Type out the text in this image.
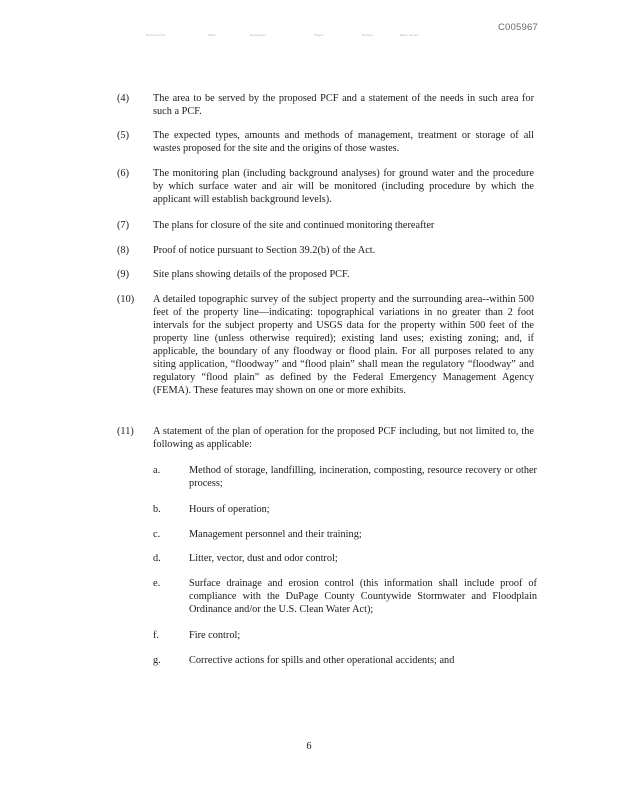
Document title	Office	Department	Project	Revision	Date / Version
C005967
(4) The area to be served by the proposed PCF and a statement of the needs in such area for such a PCF.
(5) The expected types, amounts and methods of management, treatment or storage of all wastes proposed for the site and the origins of those wastes.
(6) The monitoring plan (including background analyses) for ground water and the procedure by which surface water and air will be monitored (including procedure by which the applicant will establish background levels).
(7) The plans for closure of the site and continued monitoring thereafter
(8) Proof of notice pursuant to Section 39.2(b) of the Act.
(9) Site plans showing details of the proposed PCF.
(10) A detailed topographic survey of the subject property and the surrounding area--within 500 feet of the property line—indicating: topographical variations in no greater than 2 foot intervals for the subject property and USGS data for the property within 500 feet of the property line (unless otherwise required); existing land uses; existing zoning; and, if applicable, the boundary of any floodway or flood plain. For all purposes related to any siting application, “floodway” and “flood plain” shall mean the regulatory “floodway” and regulatory “flood plain” as defined by the Federal Emergency Management Agency (FEMA). These features may shown on one or more exhibits.
(11) A statement of the plan of operation for the proposed PCF including, but not limited to, the following as applicable:
a.	Method of storage, landfilling, incineration, composting, resource recovery or other process;
b.	Hours of operation;
c.	Management personnel and their training;
d.	Litter, vector, dust and odor control;
e.	Surface drainage and erosion control (this information shall include proof of compliance with the DuPage County Countywide Stormwater and Floodplain Ordinance and/or the U.S. Clean Water Act);
f.	Fire control;
g.	Corrective actions for spills and other operational accidents; and
6
